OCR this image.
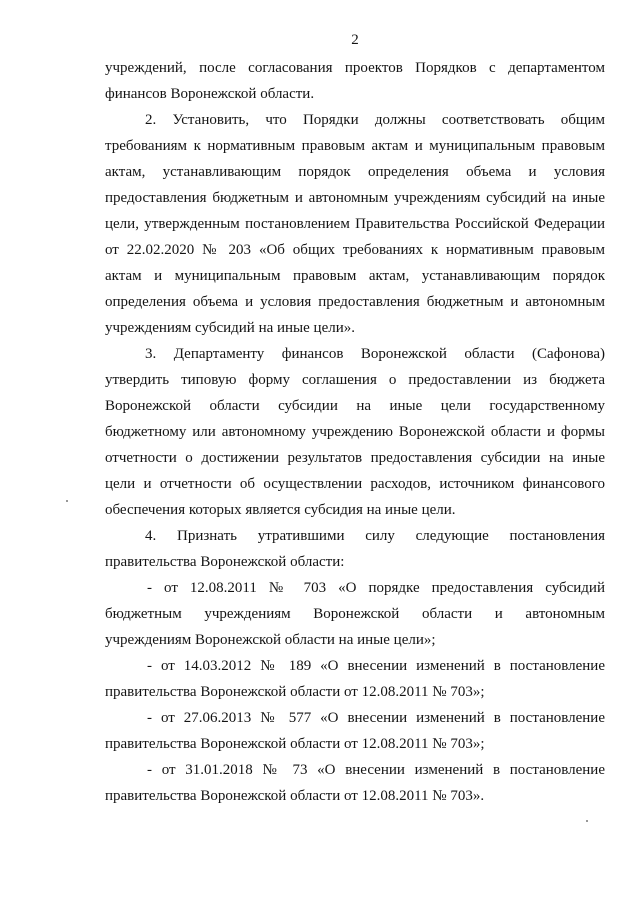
2
учреждений, после согласования проектов Порядков с департаментом
финансов Воронежской области.
2. Установить, что Порядки должны соответствовать общим
требованиям к нормативным правовым актам и муниципальным правовым
актам, устанавливающим порядок определения объема и условия
предоставления бюджетным и автономным учреждениям субсидий на иные
цели, утвержденным постановлением Правительства Российской Федерации
от 22.02.2020 № 203 «Об общих требованиях к нормативным правовым
актам и муниципальным правовым актам, устанавливающим порядок
определения объема и условия предоставления бюджетным и автономным
учреждениям субсидий на иные цели».
3. Департаменту финансов Воронежской области (Сафонова)
утвердить типовую форму соглашения о предоставлении из бюджета
Воронежской области субсидии на иные цели государственному
бюджетному или автономному учреждению Воронежской области и формы
отчетности о достижении результатов предоставления субсидии на иные
цели и отчетности об осуществлении расходов, источником финансового
обеспечения которых является субсидия на иные цели.
4. Признать утратившими силу следующие постановления
правительства Воронежской области:
- от 12.08.2011 № 703 «О порядке предоставления субсидий
бюджетным учреждениям Воронежской области и автономным
учреждениям Воронежской области на иные цели»;
- от 14.03.2012 № 189 «О внесении изменений в постановление
правительства Воронежской области от 12.08.2011 № 703»;
- от 27.06.2013 № 577 «О внесении изменений в постановление
правительства Воронежской области от 12.08.2011 № 703»;
- от 31.01.2018 № 73 «О внесении изменений в постановление
правительства Воронежской области от 12.08.2011 № 703».
